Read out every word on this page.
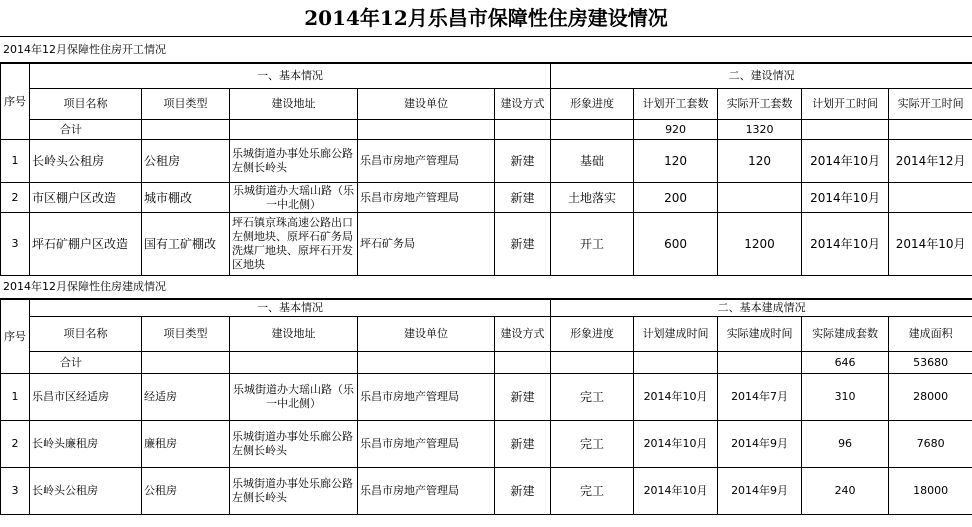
2014年12月乐昌市保障性住房建设情况
2014年12月保障性住房开工情况
序号	一、基本情况					二、建设情况				
	项目名称	项目类型	建设地址	建设单位	建设方式	形象进度	计划开工套数	实际开工套数	计划开工时间	实际开工时间
	合计						920	1320		
1	长岭头公租房	公租房	乐城街道办事处乐廊公路左侧长岭头	乐昌市房地产管理局	新建	基础	120	120	2014年10月	2014年12月
2	市区棚户区改造	城市棚改	乐城街道办大瑶山路（乐一中北侧）	乐昌市房地产管理局	新建	土地落实	200		2014年10月	
3	坪石矿棚户区改造	国有工矿棚改	坪石镇京珠高速公路出口左侧地块、原坪石矿务局洗煤厂地块、原坪石开发区地块	坪石矿务局	新建	开工	600	1200	2014年10月	2014年10月
2014年12月保障性住房建成情况
序号	一、基本情况					二、基本建成情况				
	项目名称	项目类型	建设地址	建设单位	建设方式	形象进度	计划建成时间	实际建成时间	实际建成套数	建成面积
	合计								646	53680
1	乐昌市区经适房	经适房	乐城街道办大瑶山路（乐一中北侧）	乐昌市房地产管理局	新建	完工	2014年10月	2014年7月	310	28000
2	长岭头廉租房	廉租房	乐城街道办事处乐廊公路左侧长岭头	乐昌市房地产管理局	新建	完工	2014年10月	2014年9月	96	7680
3	长岭头公租房	公租房	乐城街道办事处乐廊公路左侧长岭头	乐昌市房地产管理局	新建	完工	2014年10月	2014年9月	240	18000
